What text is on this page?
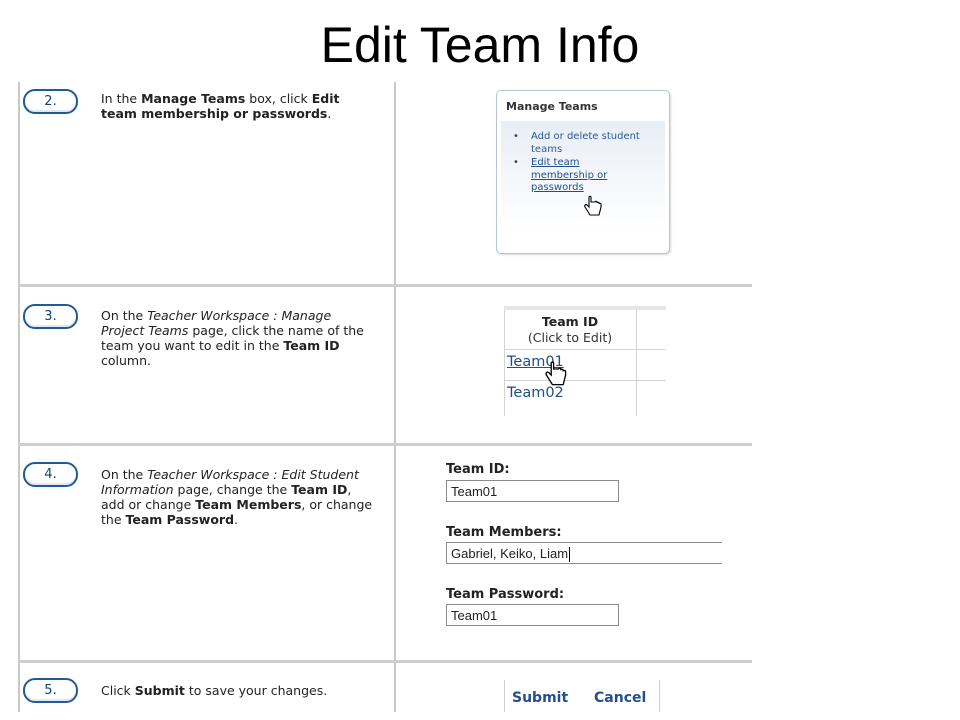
Edit Team Info
2.	In the Manage Teams box, click Edit team membership or passwords.	Manage Teams
• Add or delete student
teams
• Edit team
membership or
passwords
3.	On the Teacher Workspace : Manage Project Teams page, click the name of the team you want to edit in the Team ID column.
Team ID
(Click to Edit)
Team01
Team02
4.	On the Teacher Workspace : Edit Student Information page, change the Team ID, add or change Team Members, or change the Team Password.
Team ID:
Team01
Team Members:
Gabriel, Keiko, Liam
Team Password:
Team01
5.	Click Submit to save your changes.	Submit Cancel
